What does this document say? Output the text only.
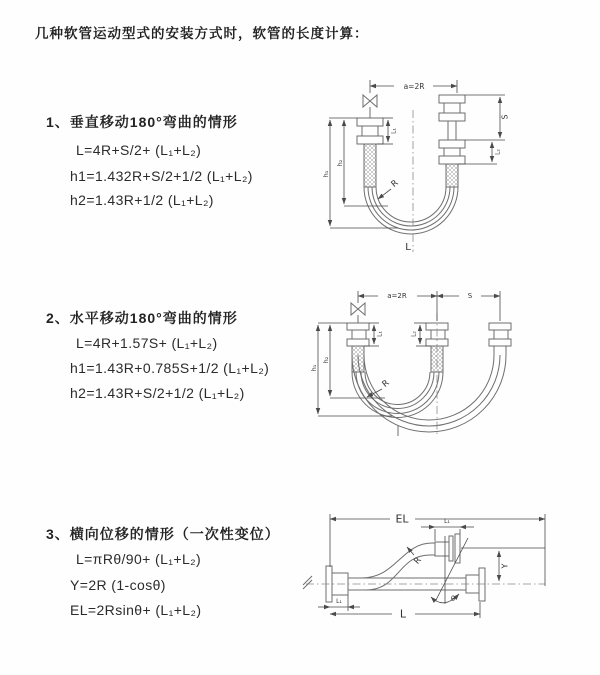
几种软管运动型式的安装方式时，软管的长度计算：
1、垂直移动180°弯曲的情形
L=4R+S/2+ (L₁+L₂)
h1=1.432R+S/2+1/2 (L₁+L₂)
h2=1.43R+1/2 (L₁+L₂)
2、水平移动180°弯曲的情形
L=4R+1.57S+ (L₁+L₂)
h1=1.43R+0.785S+1/2 (L₁+L₂)
h2=1.43R+S/2+1/2 (L₁+L₂)
3、横向位移的情形（一次性变位）
L=πRθ/90+ (L₁+L₂)
Y=2R (1-cosθ)
EL=2Rsinθ+ (L₁+L₂)
a=2R
L₁
h₁
h₂
S
L₂
R
L
a=2R	S
h₁
h₂
L₁	L₂
R
EL	L₁
Y
R
θ
L
L₁
